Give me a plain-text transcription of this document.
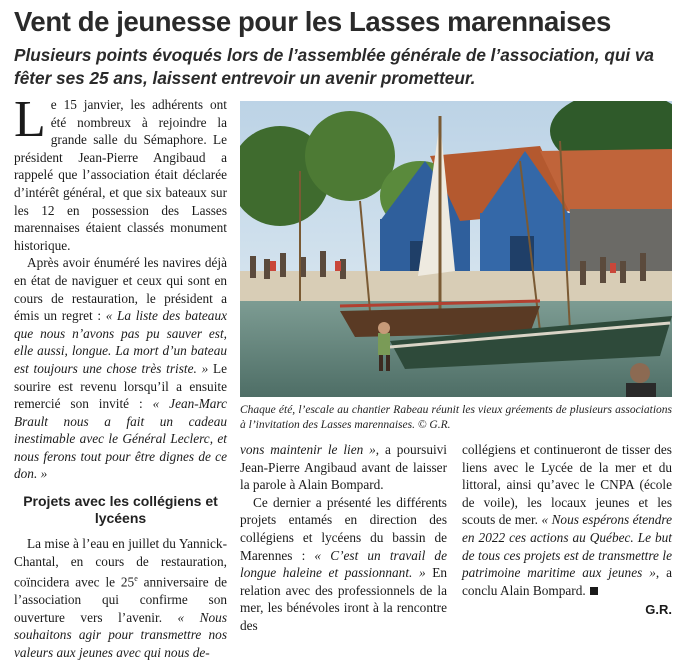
Vent de jeunesse pour les Lasses marennaises

Plusieurs points évoqués lors de l’assemblée générale de l’association, qui va fêter ses 25 ans, laissent entrevoir un avenir prometteur.

Le 15 janvier, les adhérents ont été nombreux à rejoindre la grande salle du Sémaphore. Le président Jean-Pierre Angibaud a rappelé que l’association était déclarée d’intérêt général, et que six bateaux sur les 12 en possession des Lasses marennaises étaient classés monument historique.

Après avoir énuméré les navires déjà en état de naviguer et ceux qui sont en cours de restauration, le président a émis un regret : « La liste des bateaux que nous n’avons pas pu sauver est, elle aussi, longue. La mort d’un bateau est toujours une chose très triste. » Le sourire est revenu lorsqu’il a ensuite remercié son invité : « Jean-Marc Brault nous a fait un cadeau inestimable avec le Général Leclerc, et nous ferons tout pour être dignes de ce don. »

Projets avec les collégiens et lycéens

La mise à l’eau en juillet du Yannick-Chantal, en cours de restauration, coïncidera avec le 25e anniversaire de l’association qui confirme son ouverture vers l’avenir. « Nous souhaitons agir pour transmettre nos valeurs aux jeunes avec qui nous de-

Chaque été, l’escale au chantier Rabeau réunit les vieux gréements de plusieurs associations à l’invitation des Lasses marennaises. © G.R.

vons maintenir le lien », a poursuivi Jean-Pierre Angibaud avant de laisser la parole à Alain Bompard.

Ce dernier a présenté les différents projets entamés en direction des collégiens et lycéens du bassin de Marennes : « C’est un travail de longue haleine et passionnant. » En relation avec des professionnels de la mer, les bénévoles iront à la rencontre des

collégiens et continueront de tisser des liens avec le Lycée de la mer et du littoral, ainsi qu’avec le CNPA (école de voile), les locaux jeunes et les scouts de mer. « Nous espérons étendre en 2022 ces actions au Québec. Le but de tous ces projets est de transmettre le patrimoine maritime aux jeunes », a conclu Alain Bompard.

G.R.
